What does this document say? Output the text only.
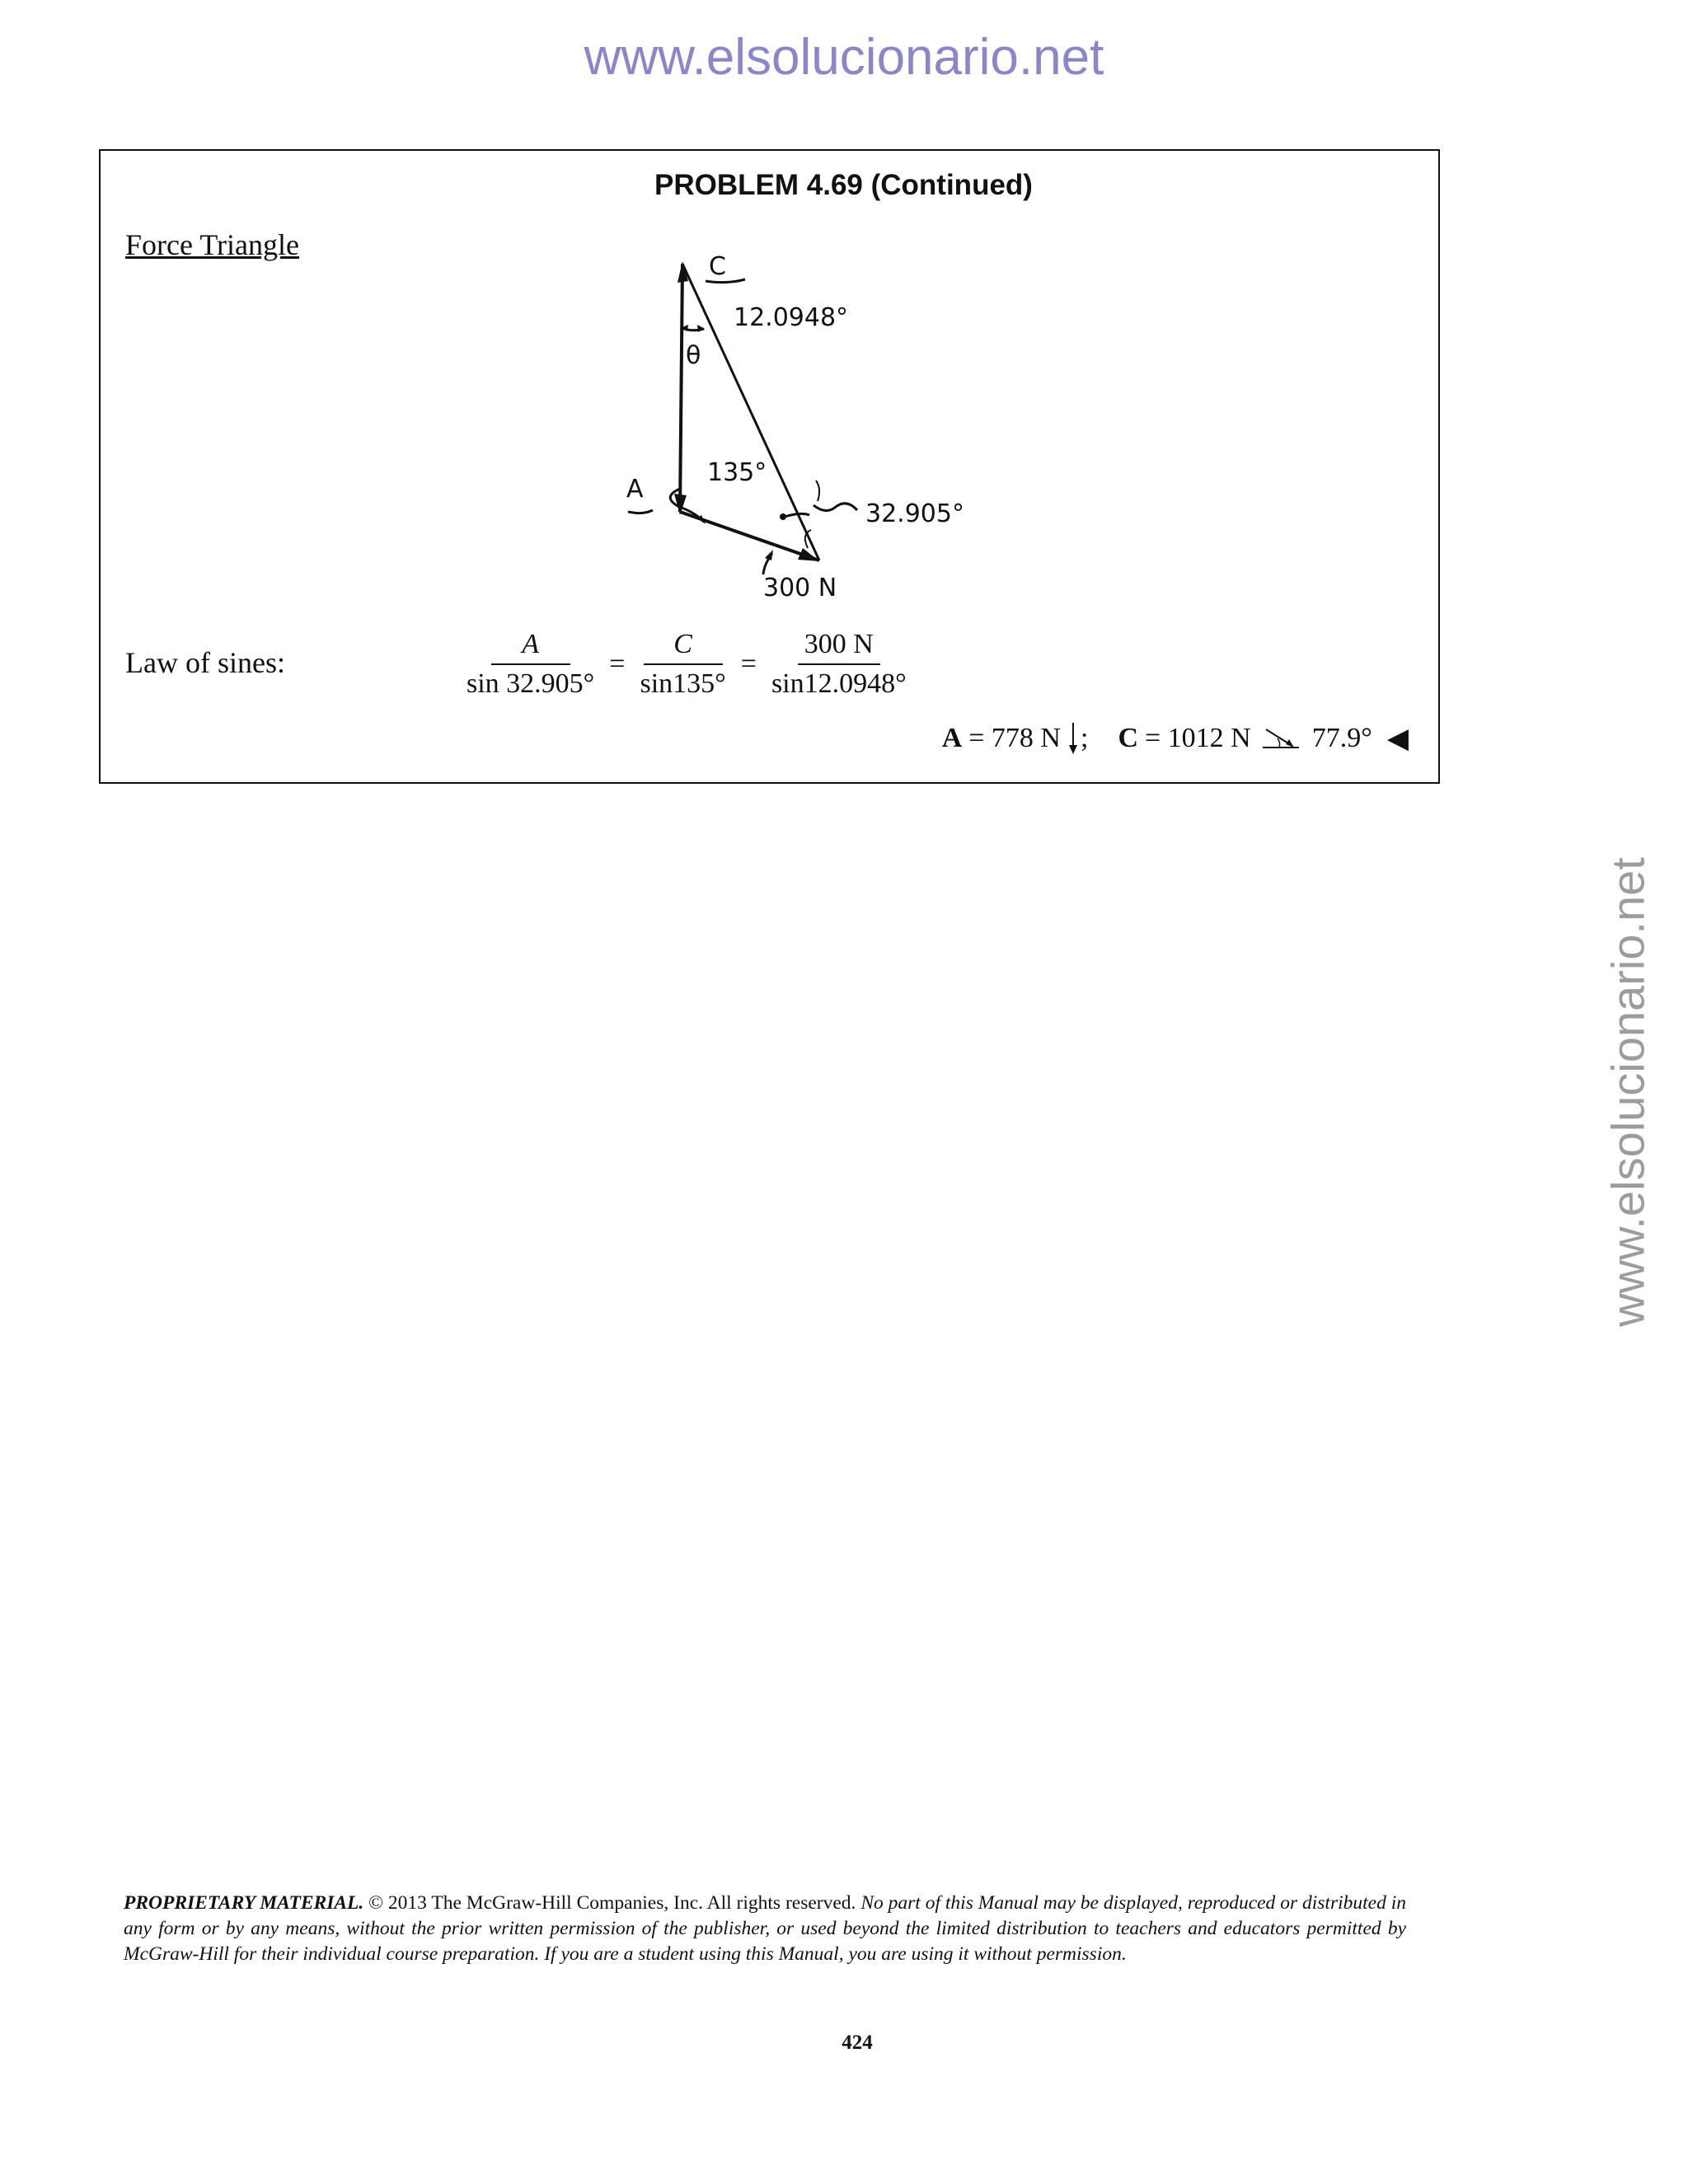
www.elsolucionario.net
www.elsolucionario.net
PROBLEM 4.69 (Continued)
Force Triangle
C
12.0948°
θ
A
135°
32.905°
300 N
Law of sines:	$\frac{A}{\sin 32.905^\circ} = \frac{C}{\sin 135^\circ} = \frac{300 N}{\sin 12.0948^\circ}$
A = 778 N ; C = 1012 N 77.9° ◀
PROPRIETARY MATERIAL. © 2013 The McGraw-Hill Companies, Inc. All rights reserved. No part of this Manual may be displayed, reproduced or distributed in any form or by any means, without the prior written permission of the publisher, or used beyond the limited distribution to teachers and educators permitted by McGraw-Hill for their individual course preparation. If you are a student using this Manual, you are using it without permission.
424
